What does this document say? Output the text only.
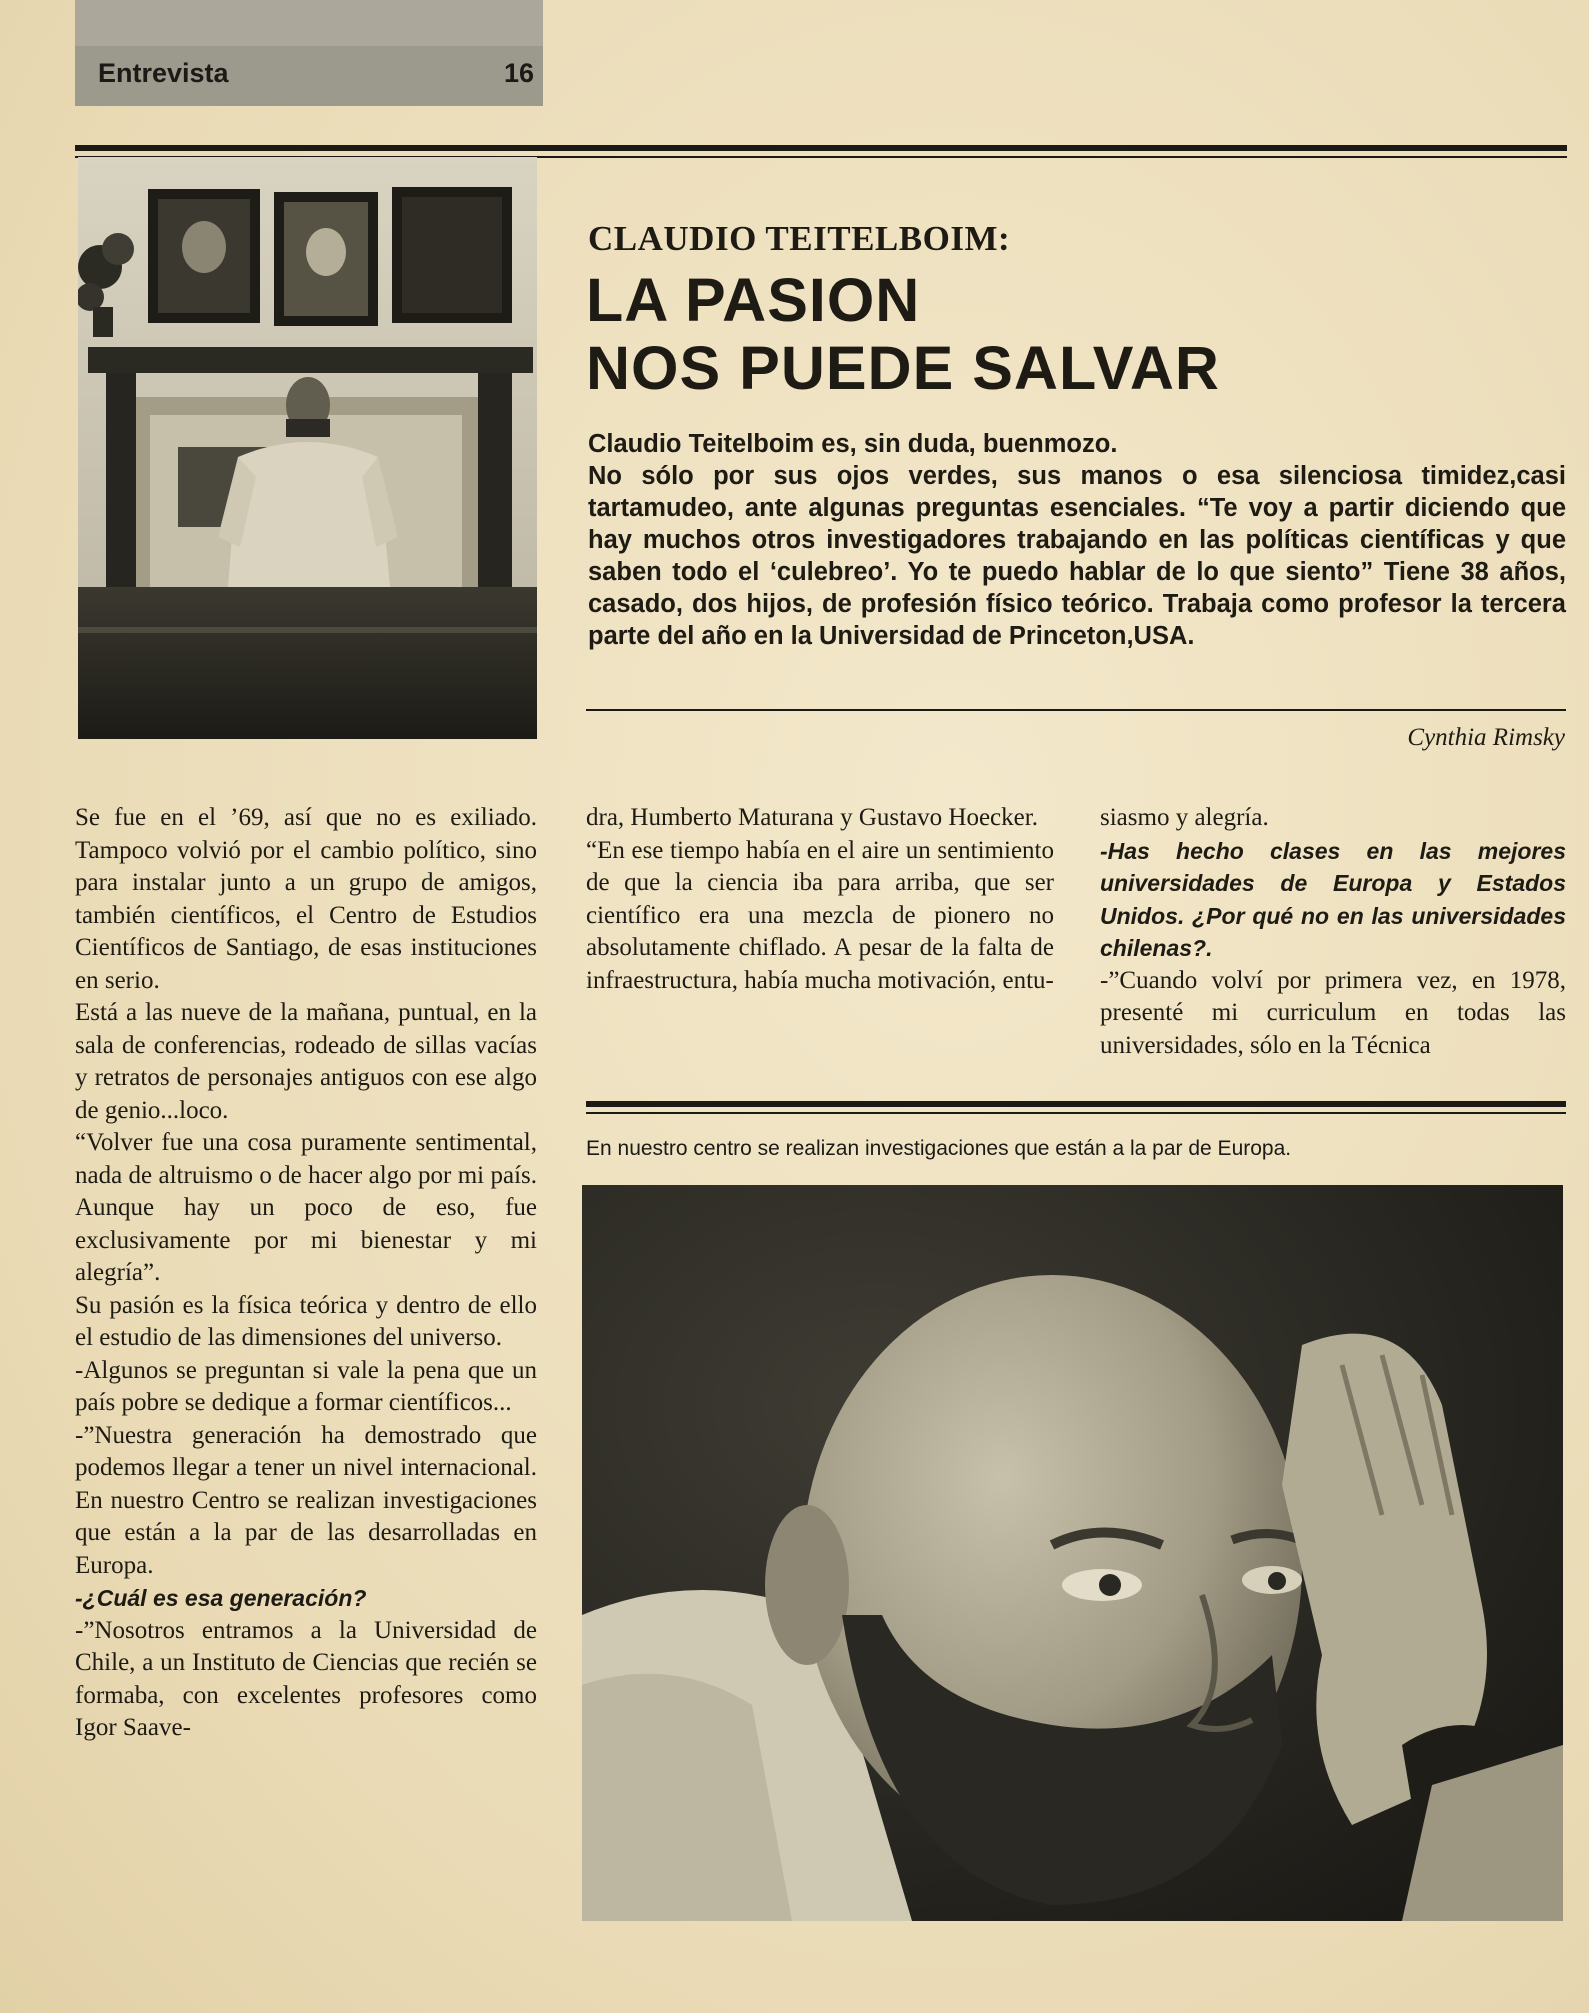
Entrevista	16
CLAUDIO TEITELBOIM:
LA PASION
NOS PUEDE SALVAR

Claudio Teitelboim es, sin duda, buenmozo.

No sólo por sus ojos verdes, sus manos o esa silenciosa timidez,casi tartamudeo, ante algunas preguntas esenciales. “Te voy a partir diciendo que hay muchos otros investigadores trabajando en las políticas científicas y que saben todo el ‘culebreo’. Yo te puedo hablar de lo que siento” Tiene 38 años, casado, dos hijos, de profesión físico teórico. Trabaja como profesor la tercera parte del año en la Universidad de Princeton,USA.

Cynthia Rimsky

Se fue en el ’69, así que no es exiliado. Tampoco volvió por el cambio político, sino para instalar junto a un grupo de amigos, también científicos, el Centro de Estudios Científicos de Santiago, de esas instituciones en serio.

Está a las nueve de la mañana, puntual, en la sala de conferencias, rodeado de sillas vacías y retratos de personajes antiguos con ese algo de genio...loco.

“Volver fue una cosa puramente sentimental, nada de altruismo o de hacer algo por mi país. Aunque hay un poco de eso, fue exclusivamente por mi bienestar y mi alegría”.

Su pasión es la física teórica y dentro de ello el estudio de las dimensiones del universo.

-Algunos se preguntan si vale la pena que un país pobre se dedique a formar científicos...

-”Nuestra generación ha demostrado que podemos llegar a tener un nivel internacional. En nuestro Centro se realizan investigaciones que están a la par de las desarrolladas en Europa.

-¿Cuál es esa generación?

-”Nosotros entramos a la Universidad de Chile, a un Instituto de Ciencias que recién se formaba, con excelentes profesores como Igor Saave-

dra, Humberto Maturana y Gustavo Hoecker.

“En ese tiempo había en el aire un sentimiento de que la ciencia iba para arriba, que ser científico era una mezcla de pionero no absolutamente chiflado. A pesar de la falta de infraestructura, había mucha motivación, entu-

siasmo y alegría.

-Has hecho clases en las mejores universidades de Europa y Estados Unidos. ¿Por qué no en las universidades chilenas?.

-”Cuando volví por primera vez, en 1978, presenté mi curriculum en todas las universidades, sólo en la Técnica

En nuestro centro se realizan investigaciones que están a la par de Europa.
